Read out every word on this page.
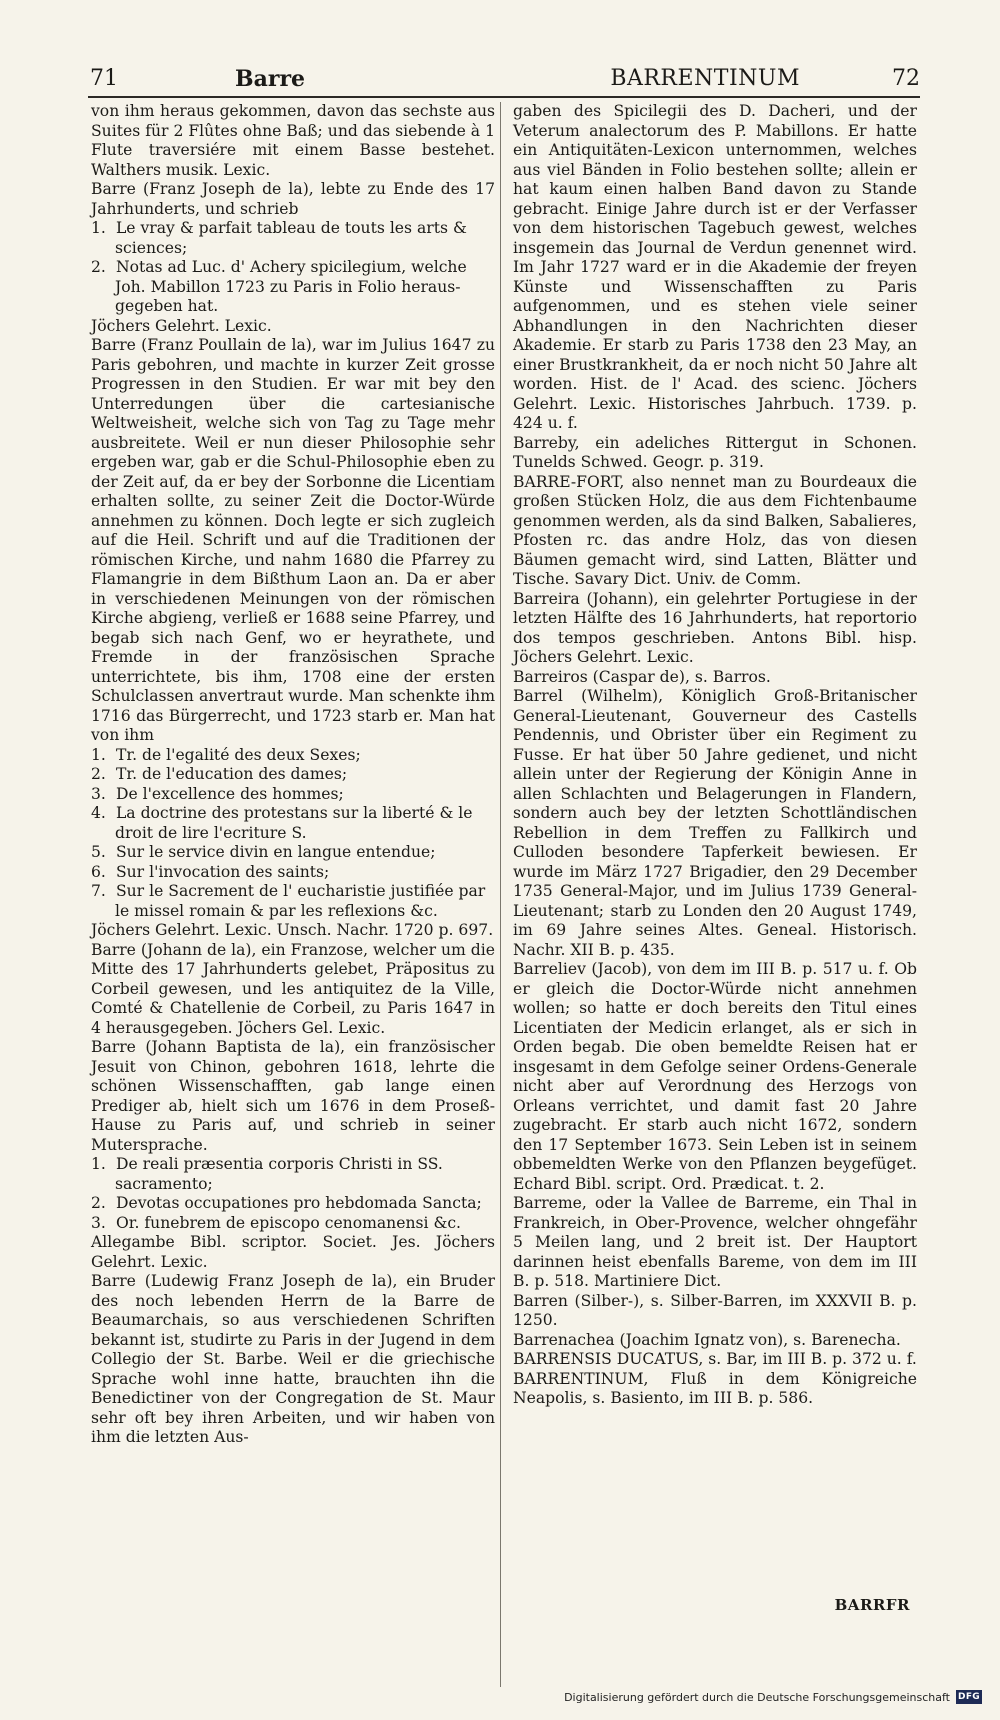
71	Barre	BARRENTINUM	72

von ihm heraus gekommen, davon das sechste aus Suites für 2 Flûtes ohne Baß; und das siebende à 1 Flute traversiére mit einem Basse bestehet. Walthers musik. Lexic.

Barre (Franz Joseph de la), lebte zu Ende des 17 Jahrhunderts, und schrieb

1. Le vray & parfait tableau de touts les arts & sciences;
2. Notas ad Luc. d' Achery spicilegium, welche Joh. Mabillon 1723 zu Paris in Folio herausgegeben hat.

Jöchers Gelehrt. Lexic.

Barre (Franz Poullain de la), war im Julius 1647 zu Paris gebohren, und machte in kurzer Zeit grosse Progressen in den Studien. Er war mit bey den Unterredungen über die cartesianische Weltweisheit, welche sich von Tag zu Tage mehr ausbreitete. Weil er nun dieser Philosophie sehr ergeben war, gab er die Schul-Philosophie eben zu der Zeit auf, da er bey der Sorbonne die Licentiam erhalten sollte, zu seiner Zeit die Doctor-Würde annehmen zu können. Doch legte er sich zugleich auf die Heil. Schrift und auf die Traditionen der römischen Kirche, und nahm 1680 die Pfarrey zu Flamangrie in dem Bißthum Laon an. Da er aber in verschiedenen Meinungen von der römischen Kirche abgieng, verließ er 1688 seine Pfarrey, und begab sich nach Genf, wo er heyrathete, und Fremde in der französischen Sprache unterrichtete, bis ihm, 1708 eine der ersten Schulclassen anvertraut wurde. Man schenkte ihm 1716 das Bürgerrecht, und 1723 starb er. Man hat von ihm

1. Tr. de l'egalité des deux Sexes;
2. Tr. de l'education des dames;
3. De l'excellence des hommes;
4. La doctrine des protestans sur la liberté & le droit de lire l'ecriture S.
5. Sur le service divin en langue entendue;
6. Sur l'invocation des saints;
7. Sur le Sacrement de l' eucharistie justifiée par le missel romain & par les reflexions &c.

Jöchers Gelehrt. Lexic. Unsch. Nachr. 1720 p. 697.

Barre (Johann de la), ein Franzose, welcher um die Mitte des 17 Jahrhunderts gelebet, Präpositus zu Corbeil gewesen, und les antiquitez de la Ville, Comté & Chatellenie de Corbeil, zu Paris 1647 in 4 herausgegeben. Jöchers Gel. Lexic.

Barre (Johann Baptista de la), ein französischer Jesuit von Chinon, gebohren 1618, lehrte die schönen Wissenschafften, gab lange einen Prediger ab, hielt sich um 1676 in dem Proseß-Hause zu Paris auf, und schrieb in seiner Mutersprache.

1. De reali præsentia corporis Christi in SS. sacramento;
2. Devotas occupationes pro hebdomada Sancta;
3. Or. funebrem de episcopo cenomanensi &c.

Allegambe Bibl. scriptor. Societ. Jes. Jöchers Gelehrt. Lexic.

Barre (Ludewig Franz Joseph de la), ein Bruder des noch lebenden Herrn de la Barre de Beaumarchais, so aus verschiedenen Schriften bekannt ist, studirte zu Paris in der Jugend in dem Collegio der St. Barbe. Weil er die griechische Sprache wohl inne hatte, brauchten ihn die Benedictiner von der Congregation de St. Maur sehr oft bey ihren Arbeiten, und wir haben von ihm die letzten Aus-

gaben des Spicilegii des D. Dacheri, und der Veterum analectorum des P. Mabillons. Er hatte ein Antiquitäten-Lexicon unternommen, welches aus viel Bänden in Folio bestehen sollte; allein er hat kaum einen halben Band davon zu Stande gebracht. Einige Jahre durch ist er der Verfasser von dem historischen Tagebuch gewest, welches insgemein das Journal de Verdun genennet wird. Im Jahr 1727 ward er in die Akademie der freyen Künste und Wissenschafften zu Paris aufgenommen, und es stehen viele seiner Abhandlungen in den Nachrichten dieser Akademie. Er starb zu Paris 1738 den 23 May, an einer Brustkrankheit, da er noch nicht 50 Jahre alt worden. Hist. de l' Acad. des scienc. Jöchers Gelehrt. Lexic. Historisches Jahrbuch. 1739. p. 424 u. f.

Barreby, ein adeliches Rittergut in Schonen. Tunelds Schwed. Geogr. p. 319.

BARRE-FORT, also nennet man zu Bourdeaux die großen Stücken Holz, die aus dem Fichtenbaume genommen werden, als da sind Balken, Sabalieres, Pfosten rc. das andre Holz, das von diesen Bäumen gemacht wird, sind Latten, Blätter und Tische. Savary Dict. Univ. de Comm.

Barreira (Johann), ein gelehrter Portugiese in der letzten Hälfte des 16 Jahrhunderts, hat reportorio dos tempos geschrieben. Antons Bibl. hisp. Jöchers Gelehrt. Lexic.

Barreiros (Caspar de), s. Barros.

Barrel (Wilhelm), Königlich Groß-Britanischer General-Lieutenant, Gouverneur des Castells Pendennis, und Obrister über ein Regiment zu Fusse. Er hat über 50 Jahre gedienet, und nicht allein unter der Regierung der Königin Anne in allen Schlachten und Belagerungen in Flandern, sondern auch bey der letzten Schottländischen Rebellion in dem Treffen zu Fallkirch und Culloden besondere Tapferkeit bewiesen. Er wurde im März 1727 Brigadier, den 29 December 1735 General-Major, und im Julius 1739 General-Lieutenant; starb zu Londen den 20 August 1749, im 69 Jahre seines Altes. Geneal. Historisch. Nachr. XII B. p. 435.

Barreliev (Jacob), von dem im III B. p. 517 u. f. Ob er gleich die Doctor-Würde nicht annehmen wollen; so hatte er doch bereits den Titul eines Licentiaten der Medicin erlanget, als er sich in Orden begab. Die oben bemeldte Reisen hat er insgesamt in dem Gefolge seiner Ordens-Generale nicht aber auf Verordnung des Herzogs von Orleans verrichtet, und damit fast 20 Jahre zugebracht. Er starb auch nicht 1672, sondern den 17 September 1673. Sein Leben ist in seinem obbemeldten Werke von den Pflanzen beygefüget. Echard Bibl. script. Ord. Prædicat. t. 2.

Barreme, oder la Vallee de Barreme, ein Thal in Frankreich, in Ober-Provence, welcher ohngefähr 5 Meilen lang, und 2 breit ist. Der Hauptort darinnen heist ebenfalls Bareme, von dem im III B. p. 518. Martiniere Dict.

Barren (Silber-), s. Silber-Barren, im XXXVII B. p. 1250.

Barrenachea (Joachim Ignatz von), s. Barenecha.

BARRENSIS DUCATUS, s. Bar, im III B. p. 372 u. f.

BARRENTINUM, Fluß in dem Königreiche Neapolis, s. Basiento, im III B. p. 586.

BARRFR
Digitalisierung gefördert durch die Deutsche Forschungsgemeinschaft DFG
